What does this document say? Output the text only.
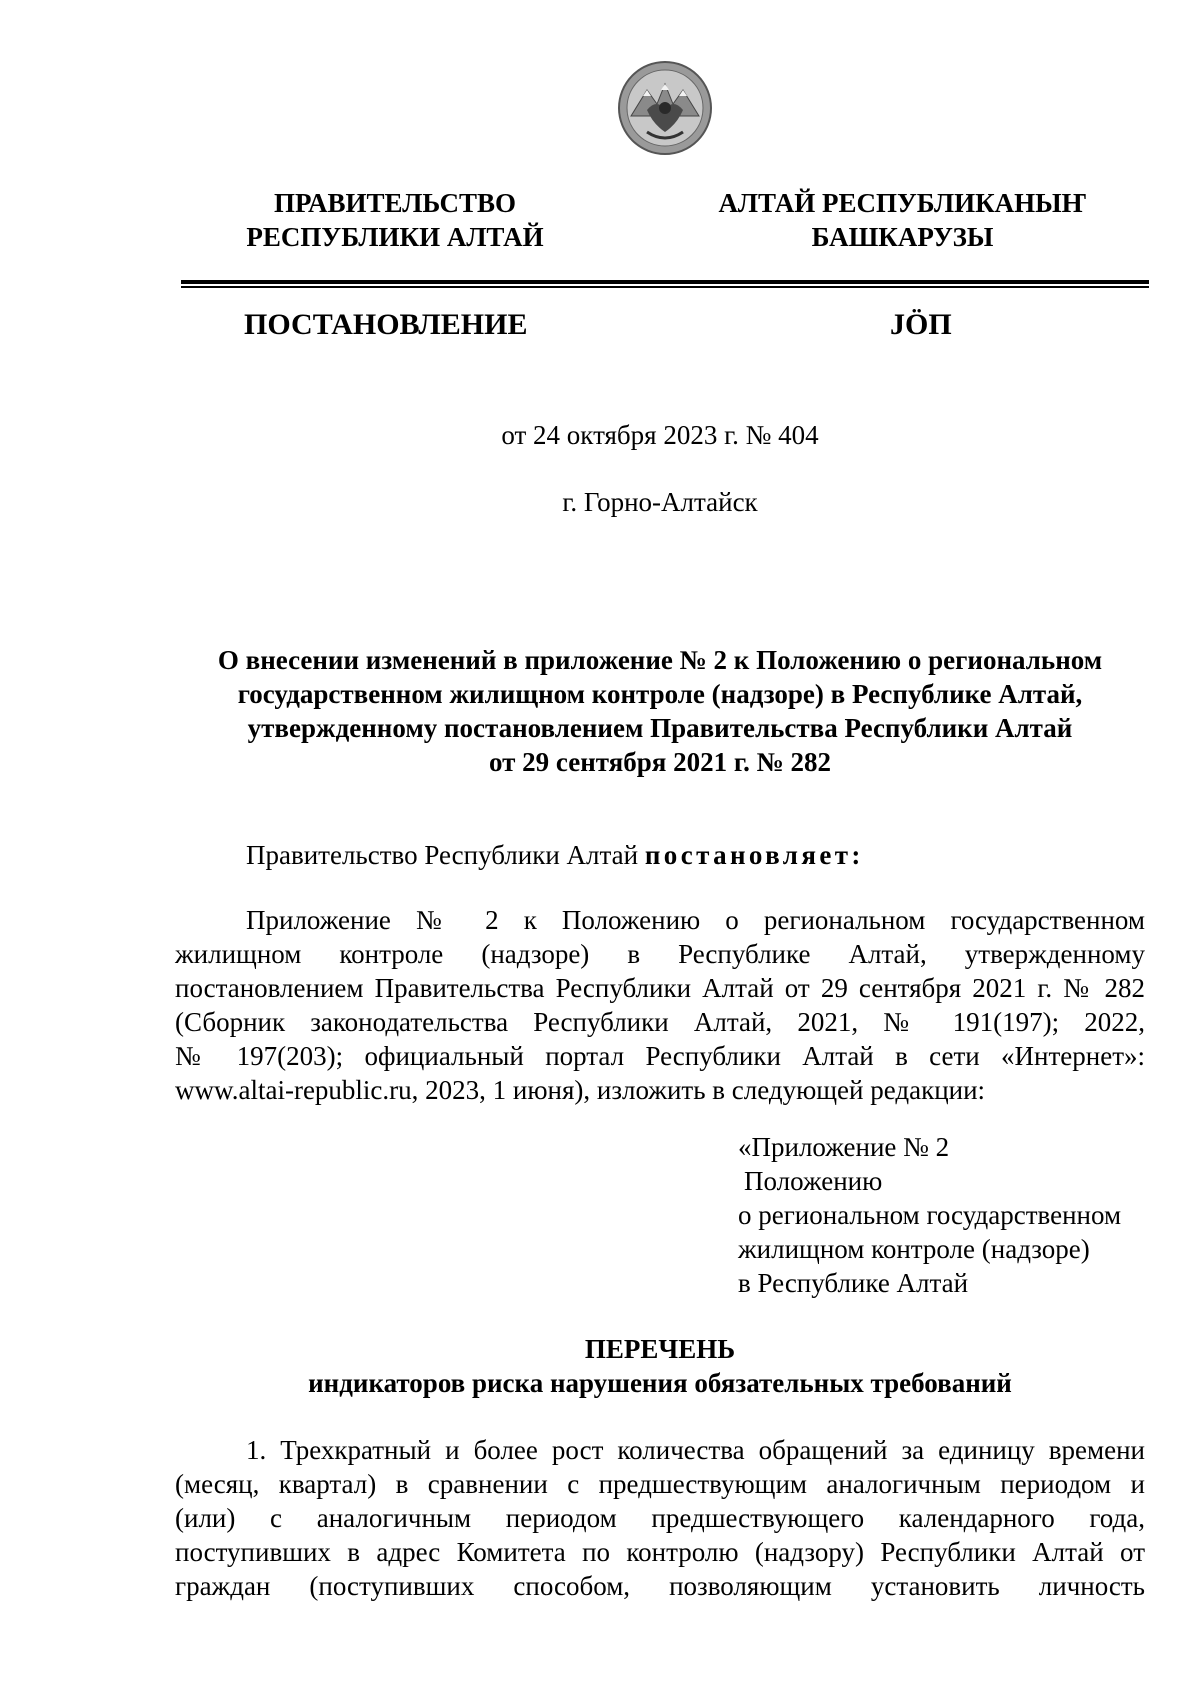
ПРАВИТЕЛЬСТВО
РЕСПУБЛИКИ АЛТАЙ
АЛТАЙ РЕСПУБЛИКАНЫҤ
БАШКАРУЗЫ
ПОСТАНОВЛЕНИЕ	JӦП
от 24 октября 2023 г. № 404
г. Горно-Алтайск
О внесении изменений в приложение № 2 к Положению о региональном
государственном жилищном контроле (надзоре) в Республике Алтай,
утвержденному постановлением Правительства Республики Алтай
от 29 сентября 2021 г. № 282
Правительство Республики Алтай постановляет:
Приложение № 2 к Положению о региональном государственном
жилищном контроле (надзоре) в Республике Алтай, утвержденному
постановлением Правительства Республики Алтай от 29 сентября 2021 г. № 282
(Сборник законодательства Республики Алтай, 2021, № 191(197); 2022,
№ 197(203); официальный портал Республики Алтай в сети «Интернет»:
www.altai-republic.ru, 2023, 1 июня), изложить в следующей редакции:
«Приложение № 2
Положению
о региональном государственном
жилищном контроле (надзоре)
в Республике Алтай
ПЕРЕЧЕНЬ
индикаторов риска нарушения обязательных требований
1. Трехкратный и более рост количества обращений за единицу времени
(месяц, квартал) в сравнении с предшествующим аналогичным периодом и
(или) с аналогичным периодом предшествующего календарного года,
поступивших в адрес Комитета по контролю (надзору) Республики Алтай от
граждан (поступивших способом, позволяющим установить личность
